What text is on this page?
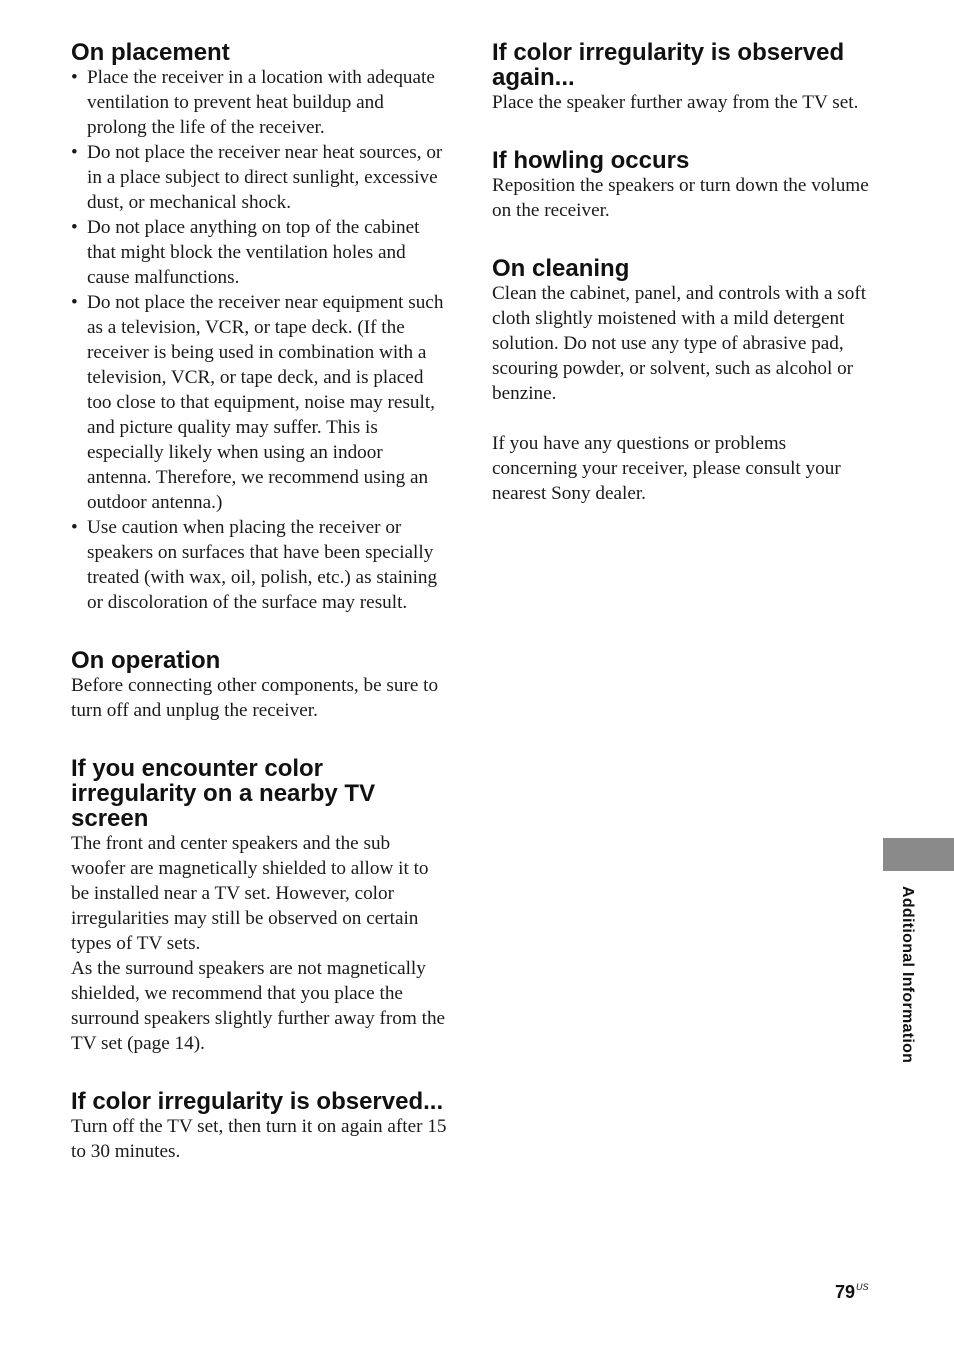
On placement
• Place the receiver in a location with adequate ventilation to prevent heat buildup and prolong the life of the receiver.
• Do not place the receiver near heat sources, or in a place subject to direct sunlight, excessive dust, or mechanical shock.
• Do not place anything on top of the cabinet that might block the ventilation holes and cause malfunctions.
• Do not place the receiver near equipment such as a television, VCR, or tape deck. (If the receiver is being used in combination with a television, VCR, or tape deck, and is placed too close to that equipment, noise may result, and picture quality may suffer. This is especially likely when using an indoor antenna. Therefore, we recommend using an outdoor antenna.)
• Use caution when placing the receiver or speakers on surfaces that have been specially treated (with wax, oil, polish, etc.) as staining or discoloration of the surface may result.
On operation

Before connecting other components, be sure to turn off and unplug the receiver.

If you encounter color irregularity on a nearby TV screen

The front and center speakers and the sub woofer are magnetically shielded to allow it to be installed near a TV set. However, color irregularities may still be observed on certain types of TV sets.

As the surround speakers are not magnetically shielded, we recommend that you place the surround speakers slightly further away from the TV set (page 14).

If color irregularity is observed...

Turn off the TV set, then turn it on again after 15 to 30 minutes.

If color irregularity is observed again...

Place the speaker further away from the TV set.

If howling occurs

Reposition the speakers or turn down the volume on the receiver.

On cleaning

Clean the cabinet, panel, and controls with a soft cloth slightly moistened with a mild detergent solution. Do not use any type of abrasive pad, scouring powder, or solvent, such as alcohol or benzine.

If you have any questions or problems concerning your receiver, please consult your nearest Sony dealer.

Additional Information
$79^{US}$
